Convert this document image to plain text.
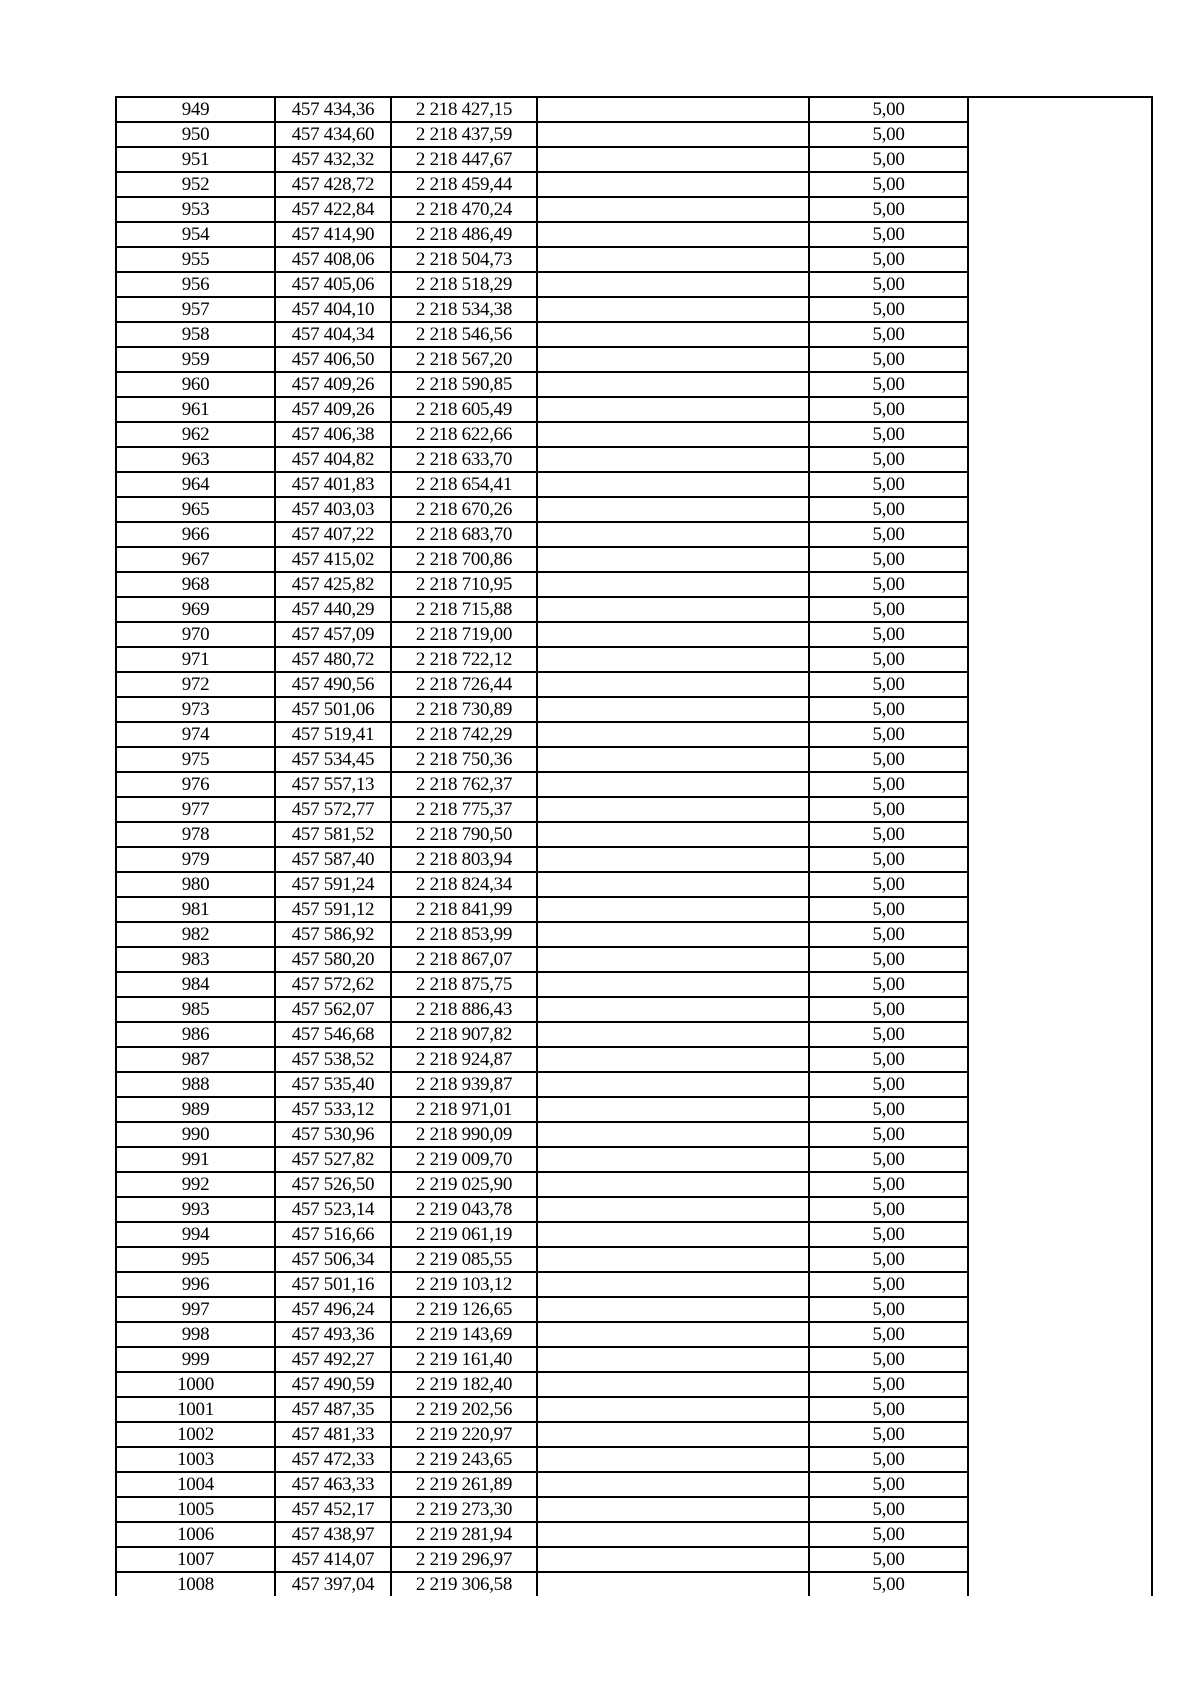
949	457 434,36	2 218 427,15		5,00	
950	457 434,60	2 218 437,59		5,00	
951	457 432,32	2 218 447,67		5,00	
952	457 428,72	2 218 459,44		5,00	
953	457 422,84	2 218 470,24		5,00	
954	457 414,90	2 218 486,49		5,00	
955	457 408,06	2 218 504,73		5,00	
956	457 405,06	2 218 518,29		5,00	
957	457 404,10	2 218 534,38		5,00	
958	457 404,34	2 218 546,56		5,00	
959	457 406,50	2 218 567,20		5,00	
960	457 409,26	2 218 590,85		5,00	
961	457 409,26	2 218 605,49		5,00	
962	457 406,38	2 218 622,66		5,00	
963	457 404,82	2 218 633,70		5,00	
964	457 401,83	2 218 654,41		5,00	
965	457 403,03	2 218 670,26		5,00	
966	457 407,22	2 218 683,70		5,00	
967	457 415,02	2 218 700,86		5,00	
968	457 425,82	2 218 710,95		5,00	
969	457 440,29	2 218 715,88		5,00	
970	457 457,09	2 218 719,00		5,00	
971	457 480,72	2 218 722,12		5,00	
972	457 490,56	2 218 726,44		5,00	
973	457 501,06	2 218 730,89		5,00	
974	457 519,41	2 218 742,29		5,00	
975	457 534,45	2 218 750,36		5,00	
976	457 557,13	2 218 762,37		5,00	
977	457 572,77	2 218 775,37		5,00	
978	457 581,52	2 218 790,50		5,00	
979	457 587,40	2 218 803,94		5,00	
980	457 591,24	2 218 824,34		5,00	
981	457 591,12	2 218 841,99		5,00	
982	457 586,92	2 218 853,99		5,00	
983	457 580,20	2 218 867,07		5,00	
984	457 572,62	2 218 875,75		5,00	
985	457 562,07	2 218 886,43		5,00	
986	457 546,68	2 218 907,82		5,00	
987	457 538,52	2 218 924,87		5,00	
988	457 535,40	2 218 939,87		5,00	
989	457 533,12	2 218 971,01		5,00	
990	457 530,96	2 218 990,09		5,00	
991	457 527,82	2 219 009,70		5,00	
992	457 526,50	2 219 025,90		5,00	
993	457 523,14	2 219 043,78		5,00	
994	457 516,66	2 219 061,19		5,00	
995	457 506,34	2 219 085,55		5,00	
996	457 501,16	2 219 103,12		5,00	
997	457 496,24	2 219 126,65		5,00	
998	457 493,36	2 219 143,69		5,00	
999	457 492,27	2 219 161,40		5,00	
1000	457 490,59	2 219 182,40		5,00	
1001	457 487,35	2 219 202,56		5,00	
1002	457 481,33	2 219 220,97		5,00	
1003	457 472,33	2 219 243,65		5,00	
1004	457 463,33	2 219 261,89		5,00	
1005	457 452,17	2 219 273,30		5,00	
1006	457 438,97	2 219 281,94		5,00	
1007	457 414,07	2 219 296,97		5,00	
1008	457 397,04	2 219 306,58		5,00	
